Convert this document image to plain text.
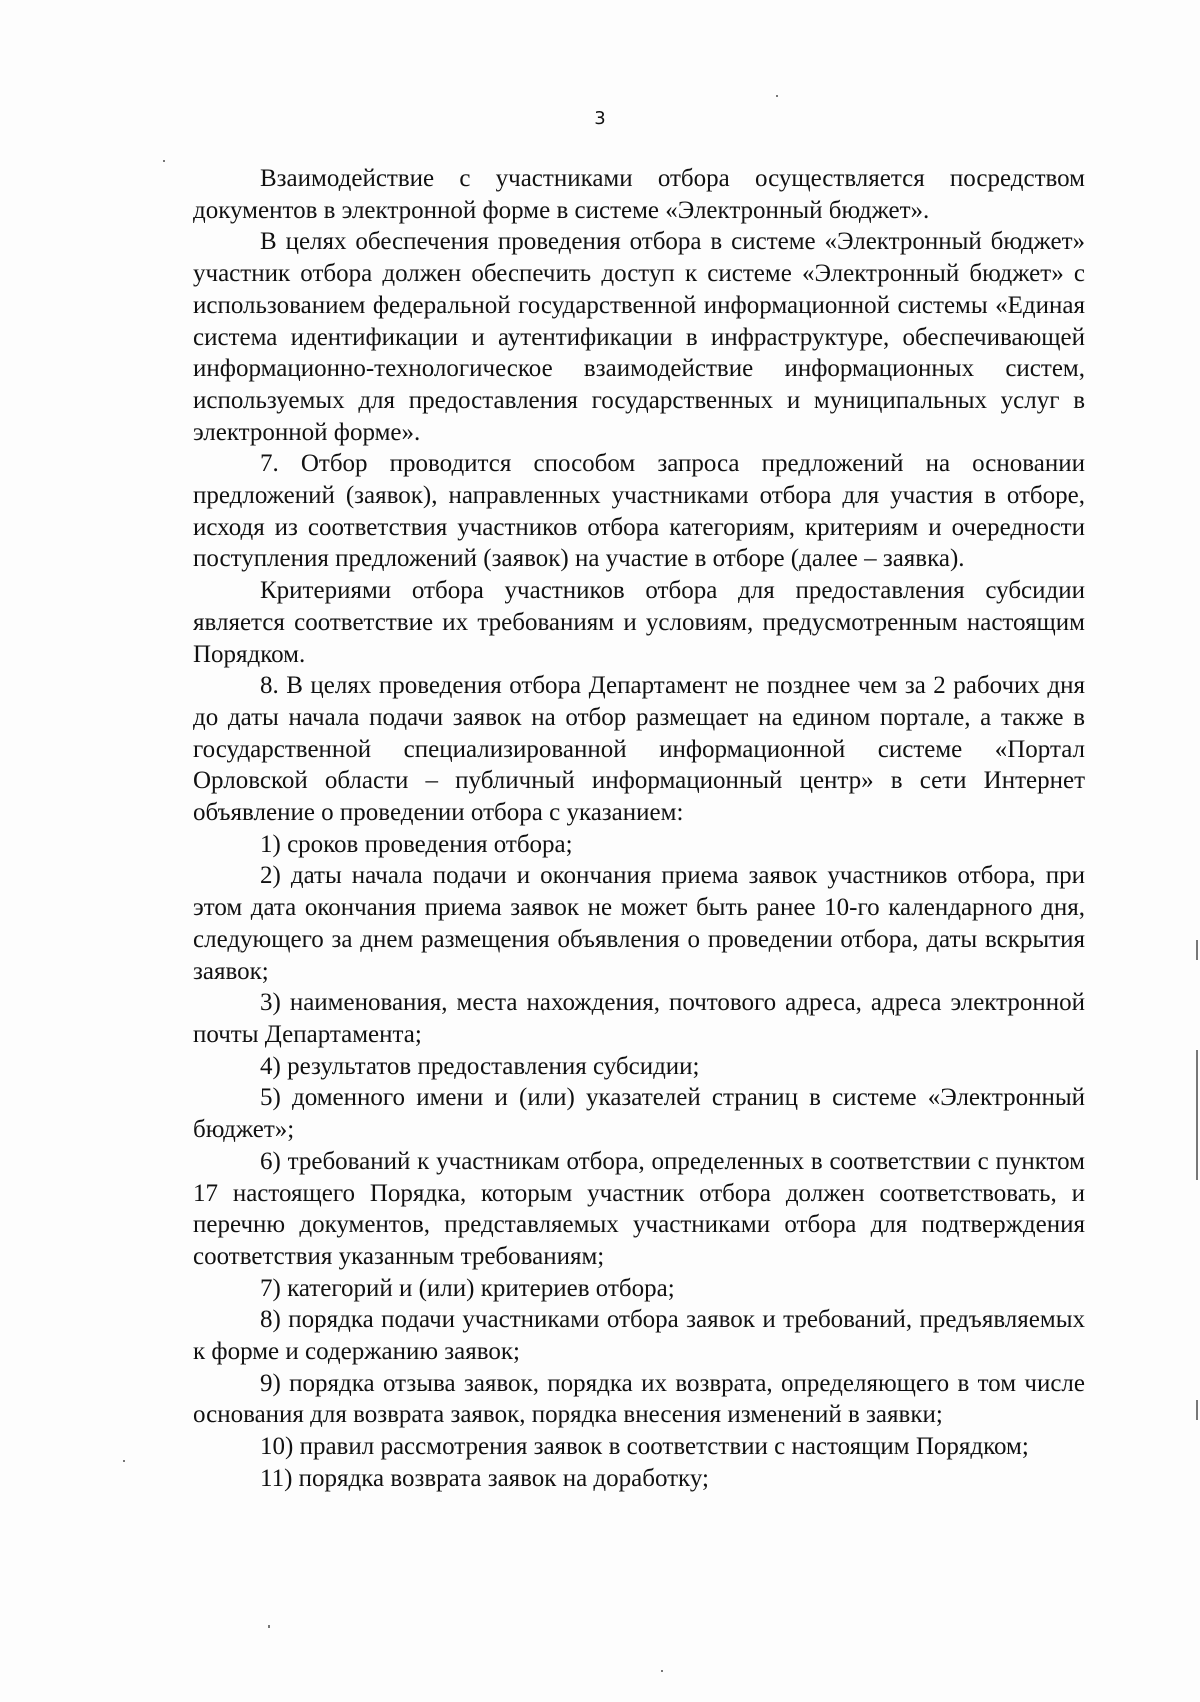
3

Взаимодействие с участниками отбора осуществляется посредством документов в электронной форме в системе «Электронный бюджет».

В целях обеспечения проведения отбора в системе «Электронный бюджет» участник отбора должен обеспечить доступ к системе «Электронный бюджет» с использованием федеральной государственной информационной системы «Единая система идентификации и аутентификации в инфраструктуре, обеспечивающей информационно-технологическое взаимодействие информационных систем, используемых для предоставления государственных и муниципальных услуг в электронной форме».

7. Отбор проводится способом запроса предложений на основании предложений (заявок), направленных участниками отбора для участия в отборе, исходя из соответствия участников отбора категориям, критериям и очередности поступления предложений (заявок) на участие в отборе (далее – заявка).

Критериями отбора участников отбора для предоставления субсидии является соответствие их требованиям и условиям, предусмотренным настоящим Порядком.

8. В целях проведения отбора Департамент не позднее чем за 2 рабочих дня до даты начала подачи заявок на отбор размещает на едином портале, а также в государственной специализированной информационной системе «Портал Орловской области – публичный информационный центр» в сети Интернет объявление о проведении отбора с указанием:

1) сроков проведения отбора;

2) даты начала подачи и окончания приема заявок участников отбора, при этом дата окончания приема заявок не может быть ранее 10-го календарного дня, следующего за днем размещения объявления о проведении отбора, даты вскрытия заявок;

3) наименования, места нахождения, почтового адреса, адреса электронной почты Департамента;

4) результатов предоставления субсидии;

5) доменного имени и (или) указателей страниц в системе «Электронный бюджет»;

6) требований к участникам отбора, определенных в соответствии с пунктом 17 настоящего Порядка, которым участник отбора должен соответствовать, и перечню документов, представляемых участниками отбора для подтверждения соответствия указанным требованиям;

7) категорий и (или) критериев отбора;

8) порядка подачи участниками отбора заявок и требований, предъявляемых к форме и содержанию заявок;

9) порядка отзыва заявок, порядка их возврата, определяющего в том числе основания для возврата заявок, порядка внесения изменений в заявки;

10) правил рассмотрения заявок в соответствии с настоящим Порядком;

11) порядка возврата заявок на доработку;
